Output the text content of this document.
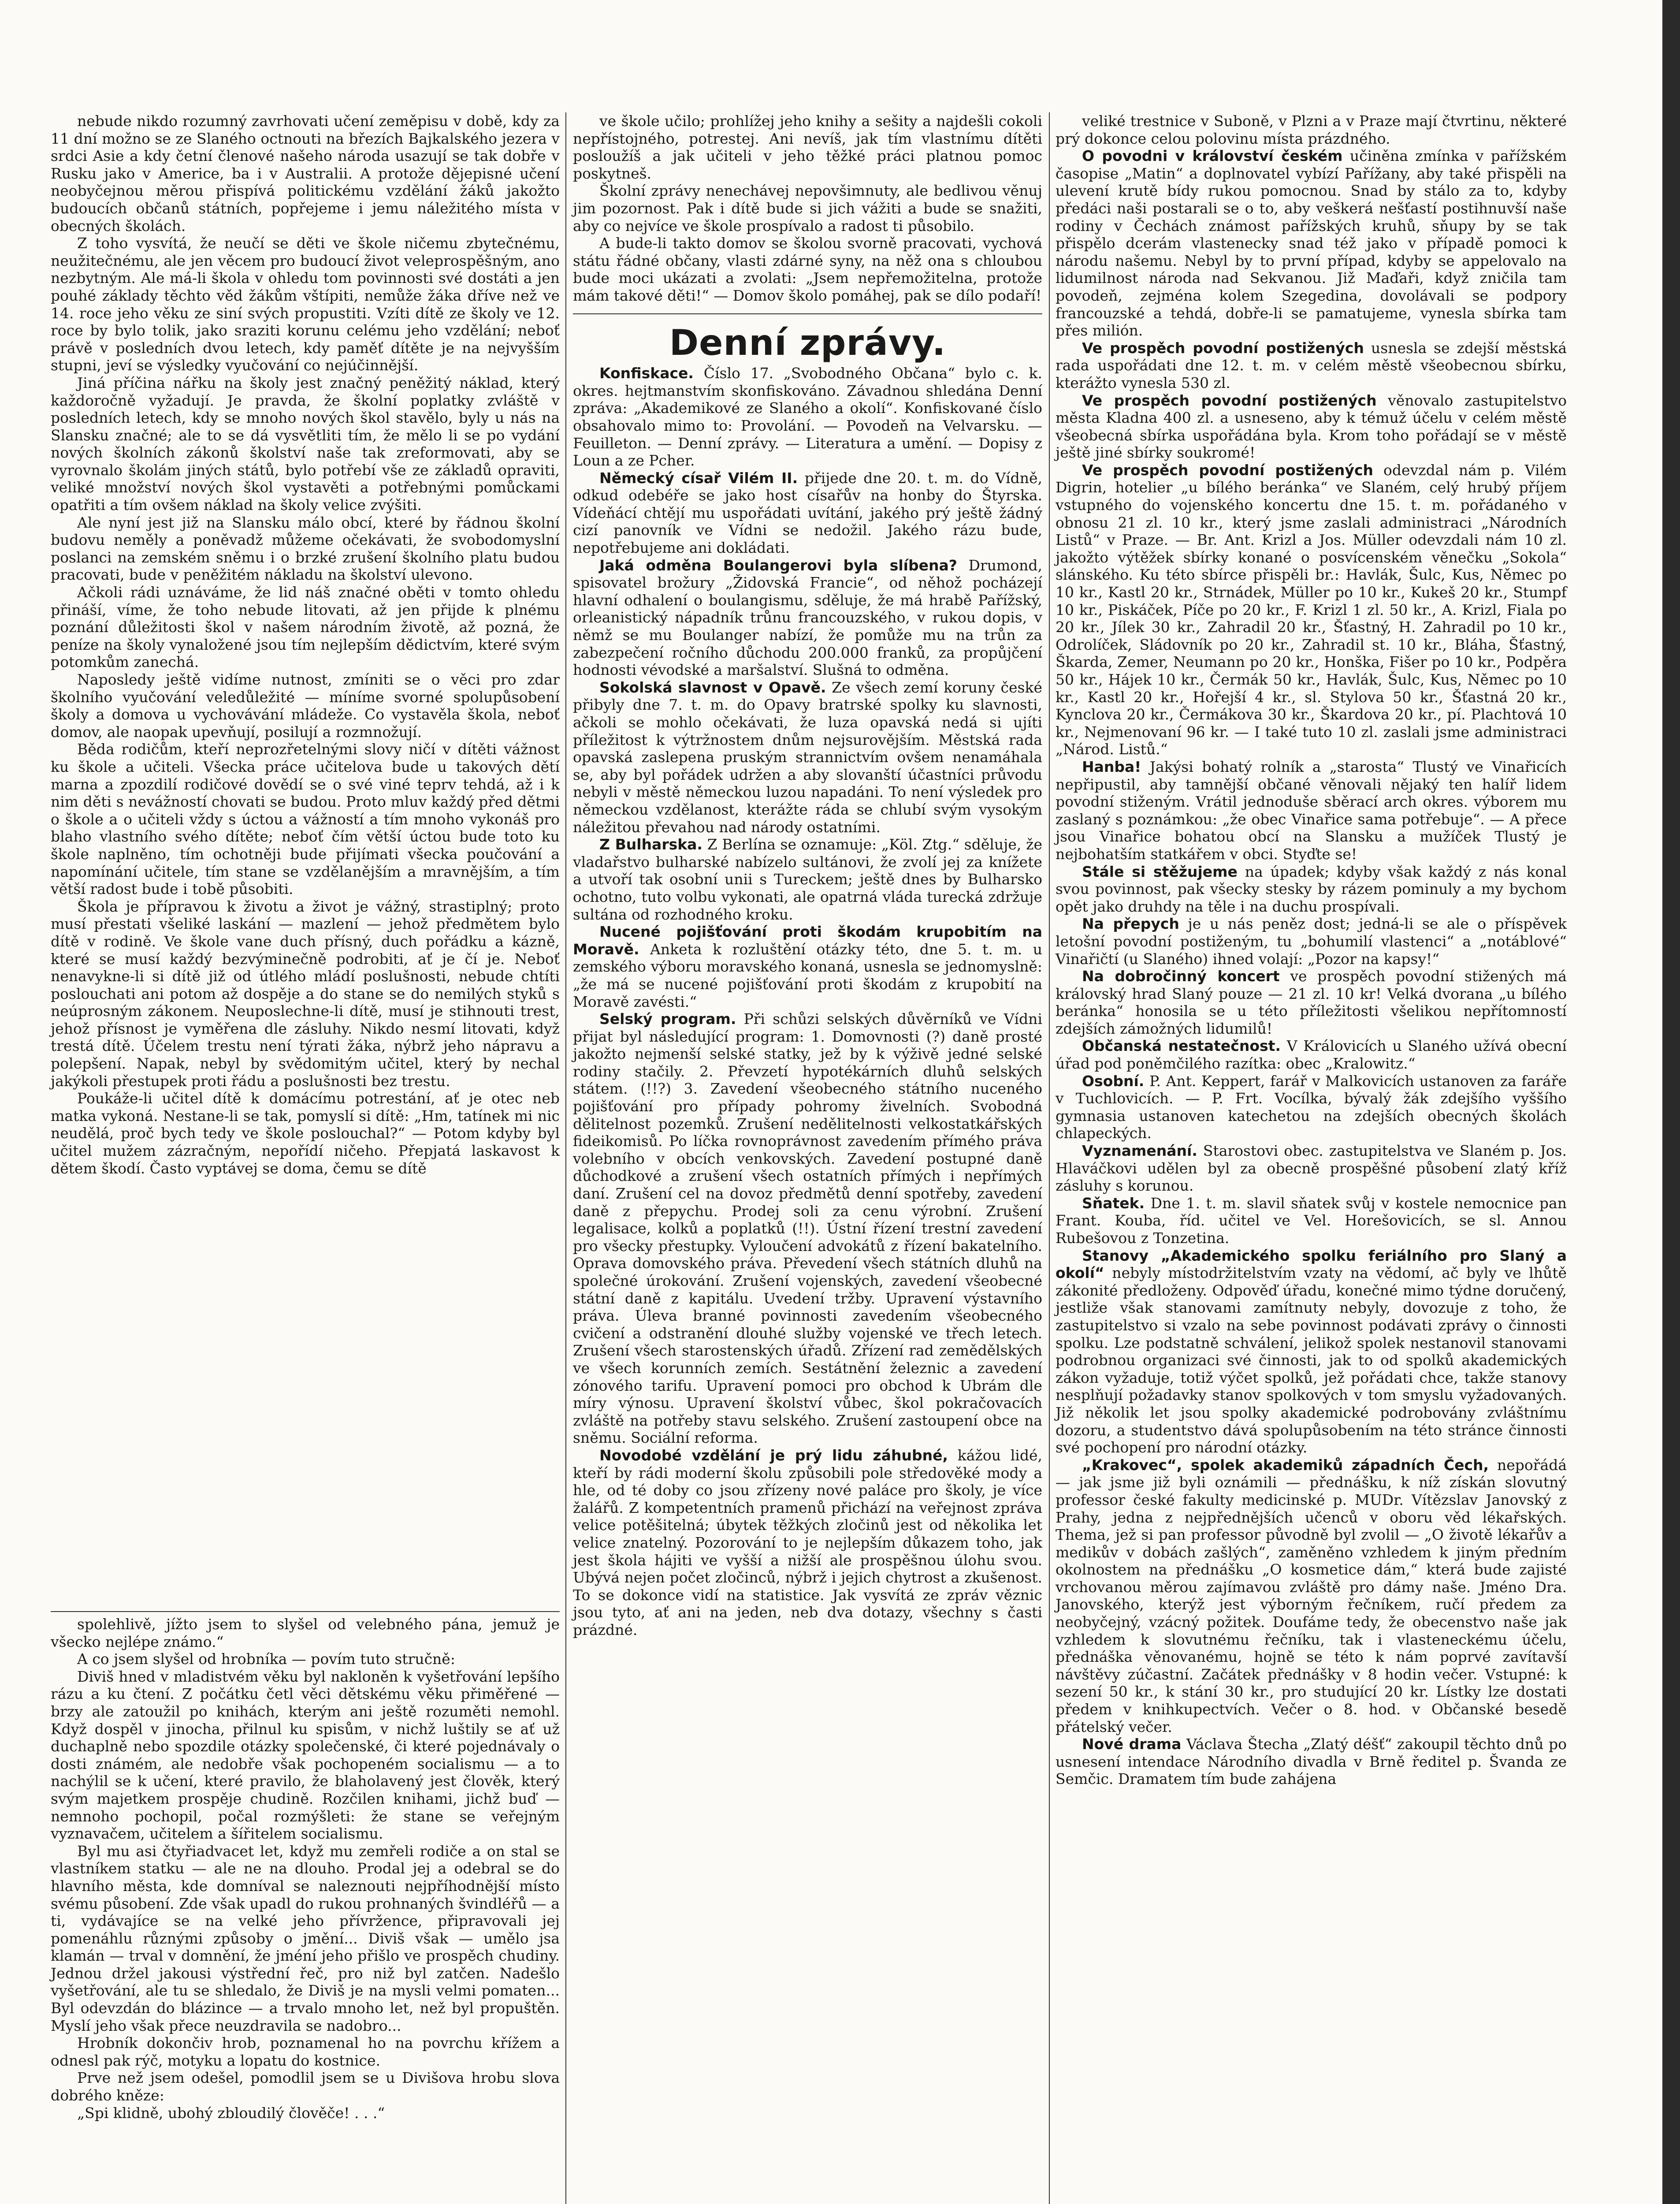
nebude nikdo rozumný zavrhovati učení zeměpisu v době, kdy za 11 dní možno se ze Slaného octnouti na březích Bajkalského jezera v srdci Asie a kdy četní členové našeho národa usazují se tak dobře v Rusku jako v Americe, ba i v Australii. A protože dějepisné učení neobyčejnou měrou přispívá politickému vzdělání žáků jakožto budoucích občanů státních, popřejeme i jemu náležitého místa v obecných školách.

Z toho vysvítá, že neučí se děti ve škole ničemu zbytečnému, neužitečnému, ale jen věcem pro budoucí život veleprospěšným, ano nezbytným. Ale má-li škola v ohledu tom povinnosti své dostáti a jen pouhé základy těchto věd žákům vštípiti, nemůže žáka dříve než ve 14. roce jeho věku ze siní svých propustiti. Vzíti dítě ze školy ve 12. roce by bylo tolik, jako sraziti korunu celému jeho vzdělání; neboť právě v posledních dvou letech, kdy paměť dítěte je na nejvyšším stupni, jeví se výsledky vyučování co nejúčinnější.

Jiná příčina nářku na školy jest značný peněžitý náklad, který každoročně vyžadují. Je pravda, že školní poplatky zvláště v posledních letech, kdy se mnoho nových škol stavělo, byly u nás na Slansku značné; ale to se dá vysvětliti tím, že mělo li se po vydání nových školních zákonů školství naše tak zreformovati, aby se vyrovnalo školám jiných států, bylo potřebí vše ze základů opraviti, veliké množství nových škol vystavěti a potřebnými pomůckami opatřiti a tím ovšem náklad na školy velice zvýšiti.

Ale nyní jest již na Slansku málo obcí, které by řádnou školní budovu neměly a poněvadž můžeme očekávati, že svobodomyslní poslanci na zemském sněmu i o brzké zrušení školního platu budou pracovati, bude v peněžitém nákladu na školství ulevono.

Ačkoli rádi uznáváme, že lid náš značné oběti v tomto ohledu přináší, víme, že toho nebude litovati, až jen přijde k plnému poznání důležitosti škol v našem národním životě, až pozná, že peníze na školy vynaložené jsou tím nejlepším dědictvím, které svým potomkům zanechá.

Naposledy ještě vidíme nutnost, zmíniti se o věci pro zdar školního vyučování veledůležité — míníme svorné spolupůsobení školy a domova u vychovávání mládeže. Co vystavěla škola, neboť domov, ale naopak upevňují, posilují a rozmnožují.

Běda rodičům, kteří neprozřetelnými slovy ničí v dítěti vážnost ku škole a učiteli. Všecka práce učitelova bude u takových dětí marna a zpozdilí rodičové dovědí se o své viné teprv tehdá, až i k nim děti s nevážností chovati se budou. Proto mluv každý před dětmi o škole a o učiteli vždy s úctou a vážností a tím mnoho vykonáš pro blaho vlastního svého dítěte; neboť čím větší úctou bude toto ku škole naplněno, tím ochotněji bude přijímati všecka poučování a napomínání učitele, tím stane se vzdělanějším a mravnějším, a tím větší radost bude i tobě působiti.

Škola je přípravou k životu a život je vážný, strastiplný; proto musí přestati všeliké laskání — mazlení — jehož předmětem bylo dítě v rodině. Ve škole vane duch přísný, duch pořádku a kázně, které se musí každý bezvýminečně podrobiti, ať je čí je. Neboť nenavykne-li si dítě již od útlého mládí poslušnosti, nebude chtíti poslouchati ani potom až dospěje a do stane se do nemilých styků s neúprosným zákonem. Neuposlechne-li dítě, musí je stihnouti trest, jehož přísnost je vyměřena dle zásluhy. Nikdo nesmí litovati, když trestá dítě. Účelem trestu není týrati žáka, nýbrž jeho nápravu a polepšení. Napak, nebyl by svědomitým učitel, který by nechal jakýkoli přestupek proti řádu a poslušnosti bez trestu.

Poukáže-li učitel dítě k domácímu potrestání, ať je otec neb matka vykoná. Nestane-li se tak, pomyslí si dítě: „Hm, tatínek mi nic neudělá, proč bych tedy ve škole poslouchal?“ — Potom kdyby byl učitel mužem zázračným, nepořídí ničeho. Přepjatá laskavost k dětem škodí. Často vyptávej se doma, čemu se dítě

spolehlivě, jížto jsem to slyšel od velebného pána, jemuž je všecko nejlépe známo.“

A co jsem slyšel od hrobníka — povím tuto stručně:

Diviš hned v mladistvém věku byl nakloněn k vyšetřování lepšího rázu a ku čtení. Z počátku četl věci dětskému věku přiměřené — brzy ale zatoužil po knihách, kterým ani ještě rozuměti nemohl. Když dospěl v jinocha, přilnul ku spisům, v nichž luštily se ať už duchaplně nebo spozdile otázky společenské, či které pojednávaly o dosti známém, ale nedobře však pochopeném socialismu — a to nachýlil se k učení, které pravilo, že blaholavený jest člověk, který svým majetkem prospěje chudině. Rozčilen knihami, jichž buď — nemnoho pochopil, počal rozmýšleti: že stane se veřejným vyznavačem, učitelem a šířitelem socialismu.

Byl mu asi čtyřiadvacet let, když mu zemřeli rodiče a on stal se vlastníkem statku — ale ne na dlouho. Prodal jej a odebral se do hlavního města, kde domníval se naleznouti nejpříhodnější místo svému působení. Zde však upadl do rukou prohnaných švindléřů — a ti, vydávajíce se na velké jeho přívržence, připravovali jej pomenáhlu různými způsoby o jmění... Diviš však — umělo jsa klamán — trval v domnění, že jméní jeho přišlo ve prospěch chudiny. Jednou držel jakousi výstřední řeč, pro niž byl zatčen. Nadešlo vyšetřování, ale tu se shledalo, že Diviš je na mysli velmi pomaten... Byl odevzdán do blázince — a trvalo mnoho let, než byl propuštěn. Myslí jeho však přece neuzdravila se nadobro...

Hrobník dokončiv hrob, poznamenal ho na povrchu křížem a odnesl pak rýč, motyku a lopatu do kostnice.

Prve než jsem odešel, pomodlil jsem se u Divišova hrobu slova dobrého kněze:

„Spi klidně, ubohý zbloudilý člověče! . . .“

ve škole učilo; prohlížej jeho knihy a sešity a najdešli cokoli nepřístojného, potrestej. Ani nevíš, jak tím vlastnímu dítěti posloužíš a jak učiteli v jeho těžké práci platnou pomoc poskytneš.

Školní zprávy nenechávej nepovšimnuty, ale bedlivou věnuj jim pozornost. Pak i dítě bude si jich vážiti a bude se snažiti, aby co nejvíce ve škole prospívalo a radost ti působilo.

A bude-li takto domov se školou svorně pracovati, vychová státu řádné občany, vlasti zdárné syny, na něž ona s chloubou bude moci ukázati a zvolati: „Jsem nepřemožitelna, protože mám takové děti!“ — Domov školo pomáhej, pak se dílo podaří!

Denní zprávy.

Konfiskace. Číslo 17. „Svobodného Občana“ bylo c. k. okres. hejtmanstvím skonfiskováno. Závadnou shledána Denní zpráva: „Akademikové ze Slaného a okolí“. Konfiskované číslo obsahovalo mimo to: Provolání. — Povodeň na Velvarsku. — Feuilleton. — Denní zprávy. — Literatura a umění. — Dopisy z Loun a ze Pcher.

Německý císař Vilém II. přijede dne 20. t. m. do Vídně, odkud odebéře se jako host císařův na honby do Štyrska. Vídeňácí chtějí mu uspořádati uvítání, jakého prý ještě žádný cizí panovník ve Vídni se nedožil. Jakého rázu bude, nepotřebujeme ani dokládati.

Jaká odměna Boulangerovi byla slíbena? Drumond, spisovatel brožury „Židovská Francie“, od něhož pocházejí hlavní odhalení o boulangismu, sděluje, že má hrabě Pařížský, orleanistický nápadník trůnu francouzského, v rukou dopis, v němž se mu Boulanger nabízí, že pomůže mu na trůn za zabezpečení ročního důchodu 200.000 franků, za propůjčení hodnosti vévodské a maršalství. Slušná to odměna.

Sokolská slavnost v Opavě. Ze všech zemí koruny české přibyly dne 7. t. m. do Opavy bratrské spolky ku slavnosti, ačkoli se mohlo očekávati, že luza opavská nedá si ujíti příležitost k výtržnostem dnům nejsurovějším. Městská rada opavská zaslepena pruským strannictvím ovšem nenamáhala se, aby byl pořádek udržen a aby slovanští účastníci průvodu nebyli v městě německou luzou napadáni. To není výsledek pro německou vzdělanost, kterážte ráda se chlubí svým vysokým náležitou převahou nad národy ostatními.

Z Bulharska. Z Berlína se oznamuje: „Köl. Ztg.“ sděluje, že vladařstvo bulharské nabízelo sultánovi, že zvolí jej za knížete a utvoří tak osobní unii s Tureckem; ještě dnes by Bulharsko ochotno, tuto volbu vykonati, ale opatrná vláda turecká zdržuje sultána od rozhodného kroku.

Nucené pojišťování proti škodám krupobitím na Moravě. Anketa k rozluštění otázky této, dne 5. t. m. u zemského výboru moravského konaná, usnesla se jednomyslně: „že má se nucené pojišťování proti škodám z krupobití na Moravě zavésti.“

Selský program. Při schůzi selských důvěrníků ve Vídni přijat byl následující program: 1. Domovnosti (?) daně prosté jakožto nejmenší selské statky, jež by k výživě jedné selské rodiny stačily. 2. Převzetí hypotékárních dluhů selských státem. (!!?) 3. Zavedení všeobecného státního nuceného pojišťování pro případy pohromy živelních. Svobodná dělitelnost pozemků. Zrušení nedělitelnosti velkostatkářských fideikomisů. Po líčka rovnoprávnost zavedením přímého práva volebního v obcích venkovských. Zavedení postupné daně důchodkové a zrušení všech ostatních přímých i nepřímých daní. Zrušení cel na dovoz předmětů denní spotřeby, zavedení daně z přepychu. Prodej soli za cenu výrobní. Zrušení legalisace, kolků a poplatků (!!). Ústní řízení trestní zavedení pro všecky přestupky. Vyloučení advokátů z řízení bakatelního. Oprava domovského práva. Převedení všech státních dluhů na společné úrokování. Zrušení vojenských, zavedení všeobecné státní daně z kapitálu. Uvedení tržby. Upravení výstavního práva. Úleva branné povinnosti zavedením všeobecného cvičení a odstranění dlouhé služby vojenské ve třech letech. Zrušení všech starostenských úřadů. Zřízení rad zemědělských ve všech korunních zemích. Sestátnění železnic a zavedení zónového tarifu. Upravení pomoci pro obchod k Ubrám dle míry výnosu. Upravení školství vůbec, škol pokračovacích zvláště na potřeby stavu selského. Zrušení zastoupení obce na sněmu. Sociální reforma.

Novodobé vzdělání je prý lidu záhubné, kážou lidé, kteří by rádi moderní školu způsobili pole středověké mody a hle, od té doby co jsou zřízeny nové paláce pro školy, je více žalářů. Z kompetentních pramenů přichází na veřejnost zpráva velice potěšitelná; úbytek těžkých zločinů jest od několika let velice znatelný. Pozorování to je nejlepším důkazem toho, jak jest škola hájiti ve vyšší a nižší ale prospěšnou úlohu svou. Ubývá nejen počet zločinců, nýbrž i jejich chytrost a zkušenost. To se dokonce vidí na statistice. Jak vysvítá ze zpráv věznic jsou tyto, ať ani na jeden, neb dva dotazy, všechny s časti prázdné.

veliké trestnice v Suboně, v Plzni a v Praze mají čtvrtinu, některé prý dokonce celou polovinu místa prázdného.

O povodni v království českém učiněna zmínka v pařížském časopise „Matin“ a doplnovatel vybízí Pařížany, aby také přispěli na ulevení krutě bídy rukou pomocnou. Snad by stálo za to, kdyby předáci naši postarali se o to, aby veškerá nešťastí postihnuvší naše rodiny v Čechách známost pařížských kruhů, sňupy by se tak přispělo dcerám vlastenecky snad též jako v případě pomoci k národu našemu. Nebyl by to první případ, kdyby se appelovalo na lidumilnost národa nad Sekvanou. Již Maďaři, když zničila tam povodeň, zejména kolem Szegedina, dovolávali se podpory francouzské a tehdá, dobře-li se pamatujeme, vynesla sbírka tam přes milión.

Ve prospěch povodní postižených usnesla se zdejší městská rada uspořádati dne 12. t. m. v celém městě všeobecnou sbírku, kterážto vynesla 530 zl.

Ve prospěch povodní postižených věnovalo zastupitelstvo města Kladna 400 zl. a usneseno, aby k témuž účelu v celém městě všeobecná sbírka uspořádána byla. Krom toho pořádají se v městě ještě jiné sbírky soukromé!

Ve prospěch povodní postižených odevzdal nám p. Vilém Digrin, hotelier „u bílého beránka“ ve Slaném, celý hrubý příjem vstupného do vojenského koncertu dne 15. t. m. pořádaného v obnosu 21 zl. 10 kr., který jsme zaslali administraci „Národních Listů“ v Praze. — Br. Ant. Krizl a Jos. Müller odevzdali nám 10 zl. jakožto výtěžek sbírky konané o posvícenském věnečku „Sokola“ slánského. Ku této sbírce přispěli br.: Havlák, Šulc, Kus, Němec po 10 kr., Kastl 20 kr., Strnádek, Müller po 10 kr., Kukeš 20 kr., Stumpf 10 kr., Piskáček, Píče po 20 kr., F. Krizl 1 zl. 50 kr., A. Krizl, Fiala po 20 kr., Jílek 30 kr., Zahradil 20 kr., Šťastný, H. Zahradil po 10 kr., Odrolíček, Sládovník po 20 kr., Zahradil st. 10 kr., Bláha, Šťastný, Škarda, Zemer, Neumann po 20 kr., Honška, Fišer po 10 kr., Podpěra 50 kr., Hájek 10 kr., Čermák 50 kr., Havlák, Šulc, Kus, Němec po 10 kr., Kastl 20 kr., Hořejší 4 kr., sl. Stylova 50 kr., Šťastná 20 kr., Kynclova 20 kr., Čermákova 30 kr., Škardova 20 kr., pí. Plachtová 10 kr., Nejmenovaní 96 kr. — I také tuto 10 zl. zaslali jsme administraci „Národ. Listů.“

Hanba! Jakýsi bohatý rolník a „starosta“ Tlustý ve Vinařicích nepřipustil, aby tamnější občané věnovali nějaký ten halíř lidem povodní stiženým. Vrátil jednoduše sběrací arch okres. výborem mu zaslaný s poznámkou: „že obec Vinařice sama potřebuje“. — A přece jsou Vinařice bohatou obcí na Slansku a mužíček Tlustý je nejbohatším statkářem v obci. Styďte se!

Stále si stěžujeme na úpadek; kdyby však každý z nás konal svou povinnost, pak všecky stesky by rázem pominuly a my bychom opět jako druhdy na těle i na duchu prospívali.

Na přepych je u nás peněz dost; jedná-li se ale o příspěvek letošní povodní postiženým, tu „bohumilí vlastenci“ a „notáblové“ Vinařičtí (u Slaného) ihned volají: „Pozor na kapsy!“

Na dobročinný koncert ve prospěch povodní stižených má královský hrad Slaný pouze — 21 zl. 10 kr! Velká dvorana „u bílého beránka“ honosila se u této příležitosti všelikou nepřítomností zdejších zámožných lidumilů!

Občanská nestatečnost. V Královicích u Slaného užívá obecní úřad pod poněmčilého razítka: obec „Kralowitz.“

Osobní. P. Ant. Keppert, farář v Malkovicích ustanoven za faráře v Tuchlovicích. — P. Frt. Vocílka, bývalý žák zdejšího vyššího gymnasia ustanoven katechetou na zdejších obecných školách chlapeckých.

Vyznamenání. Starostovi obec. zastupitelstva ve Slaném p. Jos. Hlaváčkovi udělen byl za obecně prospěšné působení zlatý kříž zásluhy s korunou.

Sňatek. Dne 1. t. m. slavil sňatek svůj v kostele nemocnice pan Frant. Kouba, říd. učitel ve Vel. Horešovicích, se sl. Annou Rubešovou z Tonzetina.

Stanovy „Akademického spolku feriálního pro Slaný a okolí“ nebyly místodržitelstvím vzaty na vědomí, ač byly ve lhůtě zákonité předloženy. Odpověď úřadu, konečné mimo týdne doručený, jestliže však stanovami zamítnuty nebyly, dovozuje z toho, že zastupitelstvo si vzalo na sebe povinnost podávati zprávy o činnosti spolku. Lze podstatně schválení, jelikož spolek nestanovil stanovami podrobnou organizaci své činnosti, jak to od spolků akademických zákon vyžaduje, totiž výčet spolků, jež pořádati chce, takže stanovy nesplňují požadavky stanov spolkových v tom smyslu vyžadovaných. Již několik let jsou spolky akademické podrobovány zvláštnímu dozoru, a studentstvo dává spolupůsobením na této stránce činnosti své pochopení pro národní otázky.

„Krakovec“, spolek akademiků západních Čech, nepořádá — jak jsme již byli oznámili — přednášku, k níž získán slovutný professor české fakulty medicinské p. MUDr. Vítězslav Janovský z Prahy, jedna z nejpřednějších učenců v oboru věd lékařských. Thema, jež si pan professor původně byl zvolil — „O životě lékařův a medikův v dobách zašlých“, zaměněno vzhledem k jiným předním okolnostem na přednášku „O kosmetice dám,“ která bude zajisté vrchovanou měrou zajímavou zvláště pro dámy naše. Jméno Dra. Janovského, kterýž jest výborným řečníkem, ručí předem za neobyčejný, vzácný požitek. Doufáme tedy, že obecenstvo naše jak vzhledem k slovutnému řečníku, tak i vlasteneckému účelu, přednáška věnovanému, hojně se této k nám poprvé zavítavší návštěvy zúčastní. Začátek přednášky v 8 hodin večer. Vstupné: k sezení 50 kr., k stání 30 kr., pro studující 20 kr. Lístky lze dostati předem v knihkupectvích. Večer o 8. hod. v Občanské besedě přátelský večer.

Nové drama Václava Štecha „Zlatý déšť“ zakoupil těchto dnů po usnesení intendace Národního divadla v Brně ředitel p. Švanda ze Semčic. Dramatem tím bude zahájena
